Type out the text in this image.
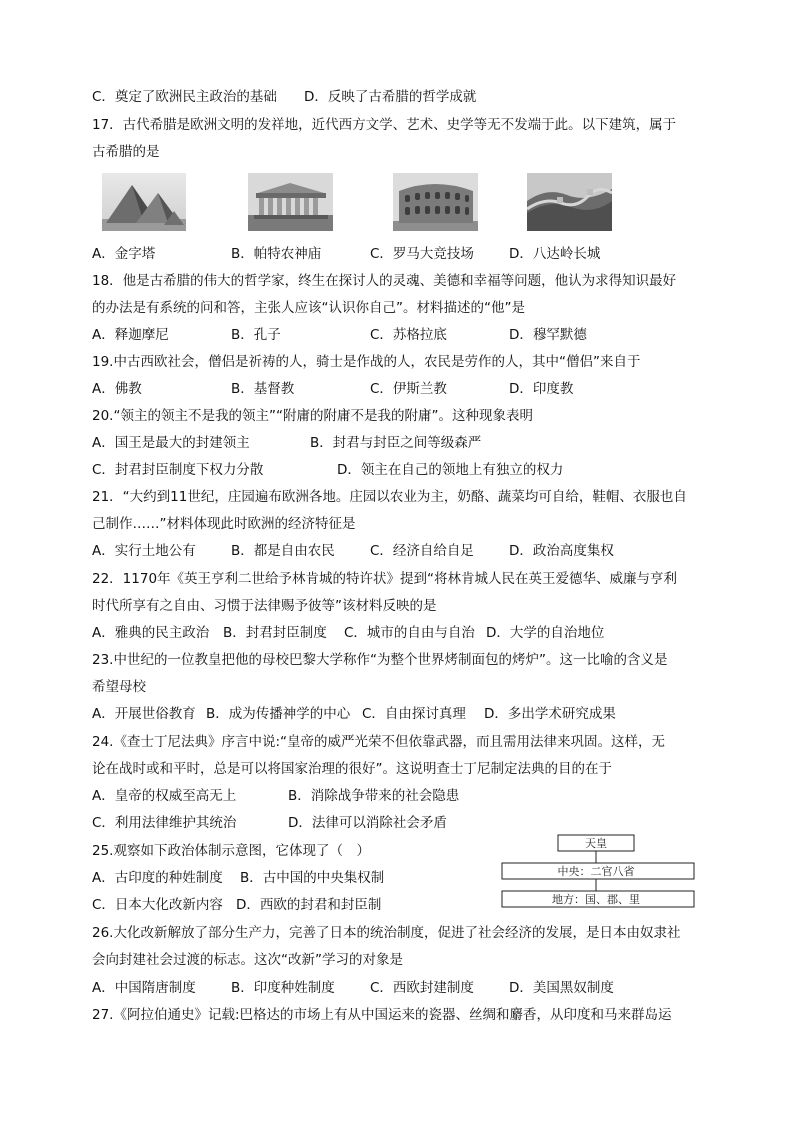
C．奠定了欧洲民主政治的基础 D．反映了古希腊的哲学成就
17．古代希腊是欧洲文明的发祥地，近代西方文学、艺术、史学等无不发端于此。以下建筑，属于
古希腊的是
A．金字塔	B．帕特农神庙	C．罗马大竞技场	D．八达岭长城
18．他是古希腊的伟大的哲学家，终生在探讨人的灵魂、美德和幸福等问题，他认为求得知识最好
的办法是有系统的问和答，主张人应该“认识你自己”。材料描述的“他”是
A．释迦摩尼	B．孔子	C．苏格拉底	D．穆罕默德
19.中古西欧社会，僧侣是祈祷的人，骑士是作战的人，农民是劳作的人，其中“僧侣”来自于
A．佛教	B．基督教	C．伊斯兰教	D．印度教
20.“领主的领主不是我的领主”“附庸的附庸不是我的附庸”。这种现象表明
A．国王是最大的封建领主	B．封君与封臣之间等级森严
C．封君封臣制度下权力分散	D．领主在自己的领地上有独立的权力
21．“大约到11世纪，庄园遍布欧洲各地。庄园以农业为主，奶酪、蔬菜均可自给，鞋帽、衣服也自
己制作……”材料体现此时欧洲的经济特征是
A．实行土地公有	B．都是自由农民	C．经济自给自足	D．政治高度集权
22．1170年《英王亨利二世给予林肯城的特许状》提到“将林肯城人民在英王爱德华、威廉与亨利
时代所享有之自由、习惯于法律赐予彼等”该材料反映的是
A．雅典的民主政治 B．封君封臣制度 C．城市的自由与自治 D．大学的自治地位
23.中世纪的一位教皇把他的母校巴黎大学称作“为整个世界烤制面包的烤炉”。这一比喻的含义是
希望母校
A．开展世俗教育 B．成为传播神学的中心 C．自由探讨真理 D．多出学术研究成果
24.《查士丁尼法典》序言中说:“皇帝的威严光荣不但依靠武器，而且需用法律来巩固。这样，无
论在战时或和平时，总是可以将国家治理的很好”。这说明查士丁尼制定法典的目的在于
A．皇帝的权威至高无上	B．消除战争带来的社会隐患
C．利用法律维护其统治	D．法律可以消除社会矛盾
25.观察如下政治体制示意图，它体现了（　）
A．古印度的种姓制度 B．古中国的中央集权制
C．日本大化改新内容 D．西欧的封君和封臣制
天皇
中央：二官八省
地方：国、郡、里
26.大化改新解放了部分生产力，完善了日本的统治制度，促进了社会经济的发展，是日本由奴隶社
会向封建社会过渡的标志。这次“改新”学习的对象是
A．中国隋唐制度	B．印度种姓制度	C．西欧封建制度	D．美国黑奴制度
27.《阿拉伯通史》记载:巴格达的市场上有从中国运来的瓷器、丝绸和麝香，从印度和马来群岛运
